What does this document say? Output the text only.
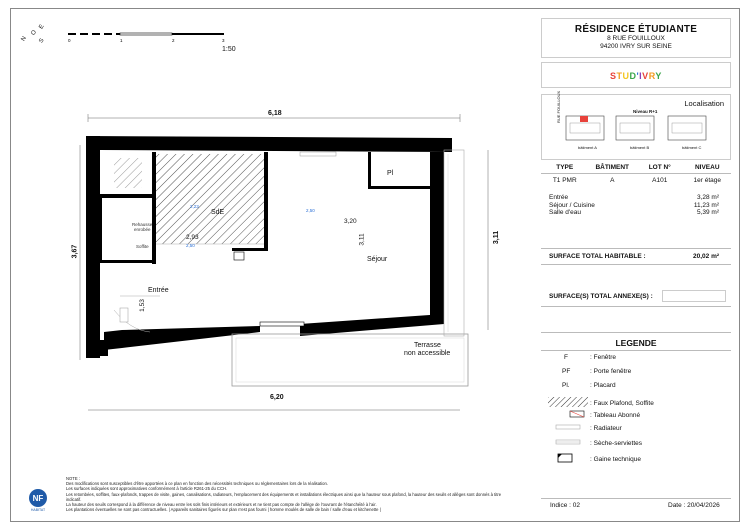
N
O
E
S	0	1	2	3
1:50
6,18
6,20
3,67
3,11
3,20
3,11
2,93
1,53
SdE
Séjour
Entrée
Pl
Terrasse
non accessible
Rehausse
enrobée
Soffite	2,50
2,50
2,23
RÉSIDENCE ÉTUDIANTE
8 RUE FOUILLOUX
94200 IVRY SUR SEINE
STUD'IVRY
Localisation
Niveau R+1
RUE FOUILLOUX
bâtiment A	bâtiment B	bâtiment C
TYPE	BÂTIMENT	LOT N°	NIVEAU
T1 PMR	A	A101	1er étage
Entrée	3,28 m²
Séjour / Cuisine	11,23 m²
Salle d'eau	5,39 m²
SURFACE TOTAL HABITABLE :	20,02 m²
SURFACE(S) TOTAL ANNEXE(S) :
LEGENDE
F	: Fenêtre
PF	: Porte fenêtre
Pl.	: Placard
: Faux Plafond, Soffite
: Tableau Abonné
: Radiateur
: Sèche-serviettes
: Gaine technique
NOTE :
Des modifications sont susceptibles d'être apportées à ce plan en fonction des nécessités techniques ou réglementaires lors de la réalisation.
Les surfaces indiquées sont approximatives conformément à l'article R261-25 du CCH.
Les retombées, soffites, faux-plafonds, trappes de visite, gaines, canalisations, radiateurs, l'emplacement des équipements et installations électriques ainsi que la hauteur sous plafond, la hauteur des seuils et allèges sont donnés à titre indicatif.
La hauteur des seuils correspond à la différence de niveau entre les sols finis intérieurs et extérieurs et ne tient pas compte de l'allège de l'ouvrant de l'étanchéité à l'air.
Les plantations éventuelles ne sont pas contractuelles. | Appareils sanitaires figurés sur plan n'est pas fourni | homme moulés de salle de bain / salle d'eau et kitchenette |
NF
HABITAT
Indice : 02	Date : 20/04/2026
